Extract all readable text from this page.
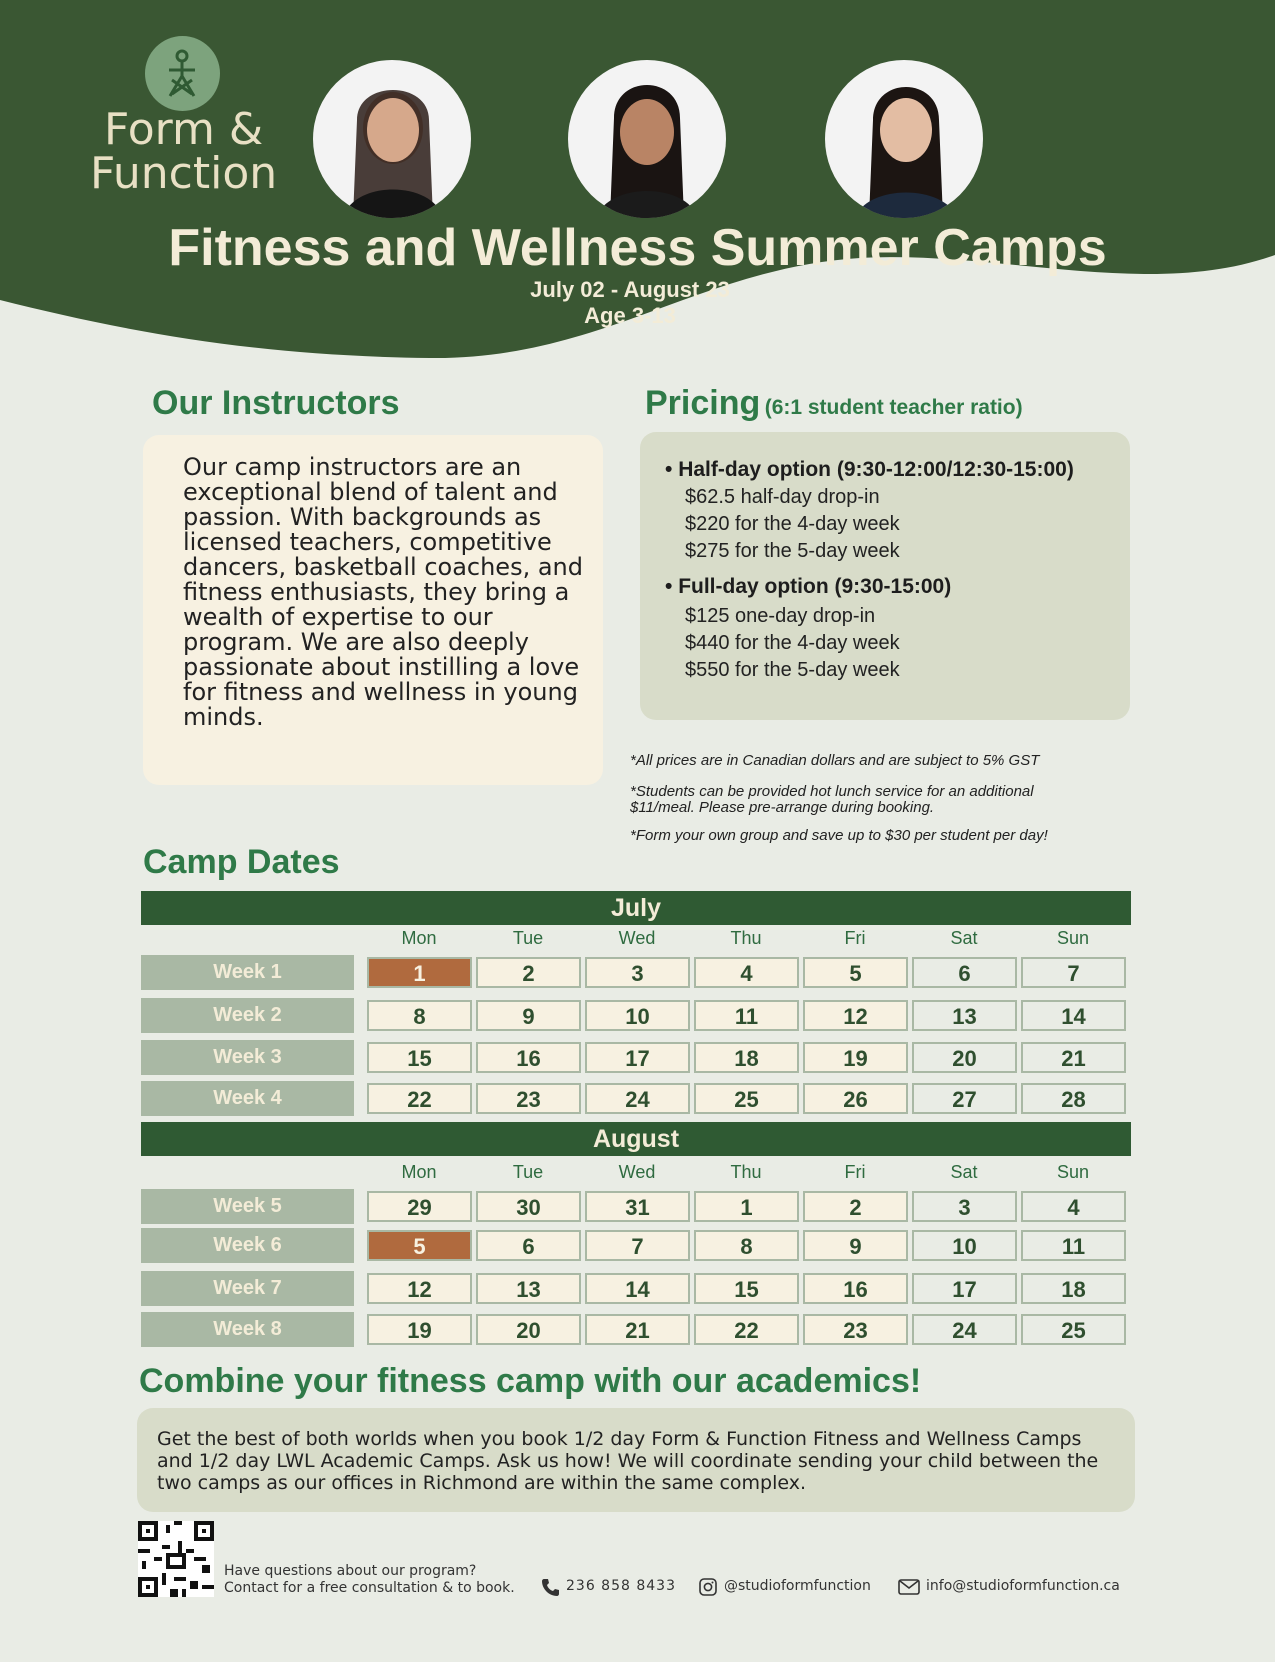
Form &
Function
Fitness and Wellness Summer Camps
July 02 - August 23
Age 3-13
Our Instructors
Our camp instructors are an exceptional blend of talent and passion. With backgrounds as licensed teachers, competitive dancers, basketball coaches, and fitness enthusiasts, they bring a wealth of expertise to our program. We are also deeply passionate about instilling a love for fitness and wellness in young minds.
Pricing (6:1 student teacher ratio)
• Half-day option (9:30-12:00/12:30-15:00)
$62.5 half-day drop-in
$220 for the 4-day week
$275 for the 5-day week
• Full-day option (9:30-15:00)
$125 one-day drop-in
$440 for the 4-day week
$550 for the 5-day week
*All prices are in Canadian dollars and are subject to 5% GST
*Students can be provided hot lunch service for an additional $11/meal. Please pre-arrange during booking.
*Form your own group and save up to $30 per student per day!
Camp Dates
July
Mon	Tue	Wed	Thu	Fri	Sat	Sun
Week 1	1	2	3	4	5	6	7
Week 2	8	9	10	11	12	13	14
Week 3	15	16	17	18	19	20	21
Week 4	22	23	24	25	26	27	28
August
Mon	Tue	Wed	Thu	Fri	Sat	Sun
Week 5	29	30	31	1	2	3	4
Week 6	5	6	7	8	9	10	11
Week 7	12	13	14	15	16	17	18
Week 8	19	20	21	22	23	24	25
Combine your fitness camp with our academics!
Get the best of both worlds when you book 1/2 day Form & Function Fitness and Wellness Camps and 1/2 day LWL Academic Camps. Ask us how! We will coordinate sending your child between the two camps as our offices in Richmond are within the same complex.
Have questions about our program?
Contact for a free consultation & to book.	236 858 8433	@studioformfunction	info@studioformfunction.ca
